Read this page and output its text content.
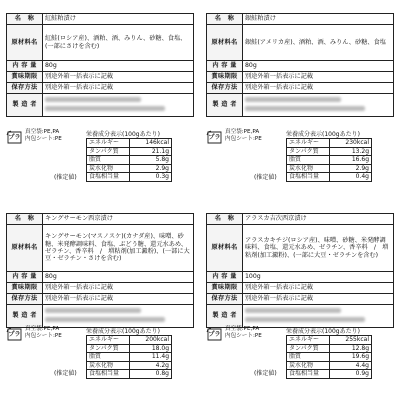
名　称	紅鮭粕漬け
原材料名	紅鮭(ロシア産)、酒粕、酒、みりん、砂糖、食塩、(一部にさけを含む)
内 容 量	80g
賞味期限	別途外箱一括表示に記載
保存方法	別途外箱一括表示に記載
製 造 者	

プラ
真空袋:PE,PA
内包シート:PE
栄養成分表示(100gあたり)
エネルギー	146kcal
タンパク質	21.1g
脂質	5.8g
炭水化物	2.9g
食塩相当量	0.3g
(推定値)
名　称	銀鮭粕漬け
原材料名	銀鮭(アメリカ産)、酒粕、酒、みりん、砂糖、食塩
内 容 量	80g
賞味期限	別途外箱一括表示に記載
保存方法	別途外箱一括表示に記載
製 造 者	

プラ
真空袋:PE,PA
内包シート:PE
栄養成分表示(100gあたり)
エネルギー	230kcal
タンパク質	13.2g
脂質	16.6g
炭水化物	2.9g
食塩相当量	0.4g
(推定値)
名　称	キングサーモン西京漬け
原材料名	キングサーモン(マスノスケ)(カナダ産)、味噌、砂糖、米発酵調味料、食塩、ぶどう糖、還元水あめ、ゼラチン、香辛料　/　増粘剤(加工澱粉)、(一部に大豆・ゼラチン・さけを含む)
内 容 量	80g
賞味期限	別途外箱一括表示に記載
保存方法	別途外箱一括表示に記載
製 造 者	

プラ
真空袋:PE,PA
内包シート:PE
栄養成分表示(100gあたり)
エネルギー	200kcal
タンパク質	18.0g
脂質	11.4g
炭水化物	4.2g
食塩相当量	0.8g
(推定値)
名　称	アラスカ吉次西京漬け
原材料名	アラスカキチジ(ロシア産)、味噌、砂糖、米発酵調味料、食塩、還元水あめ、ゼラチン、香辛料　/　増粘剤(加工澱粉)、(一部に大豆・ゼラチンを含む)
内 容 量	100g
賞味期限	別途外箱一括表示に記載
保存方法	別途外箱一括表示に記載
製 造 者	

プラ
真空袋:PE,PA
内包シート:PE
栄養成分表示(100gあたり)
エネルギー	255kcal
タンパク質	12.8g
脂質	19.6g
炭水化物	4.4g
食塩相当量	0.9g
(推定値)
